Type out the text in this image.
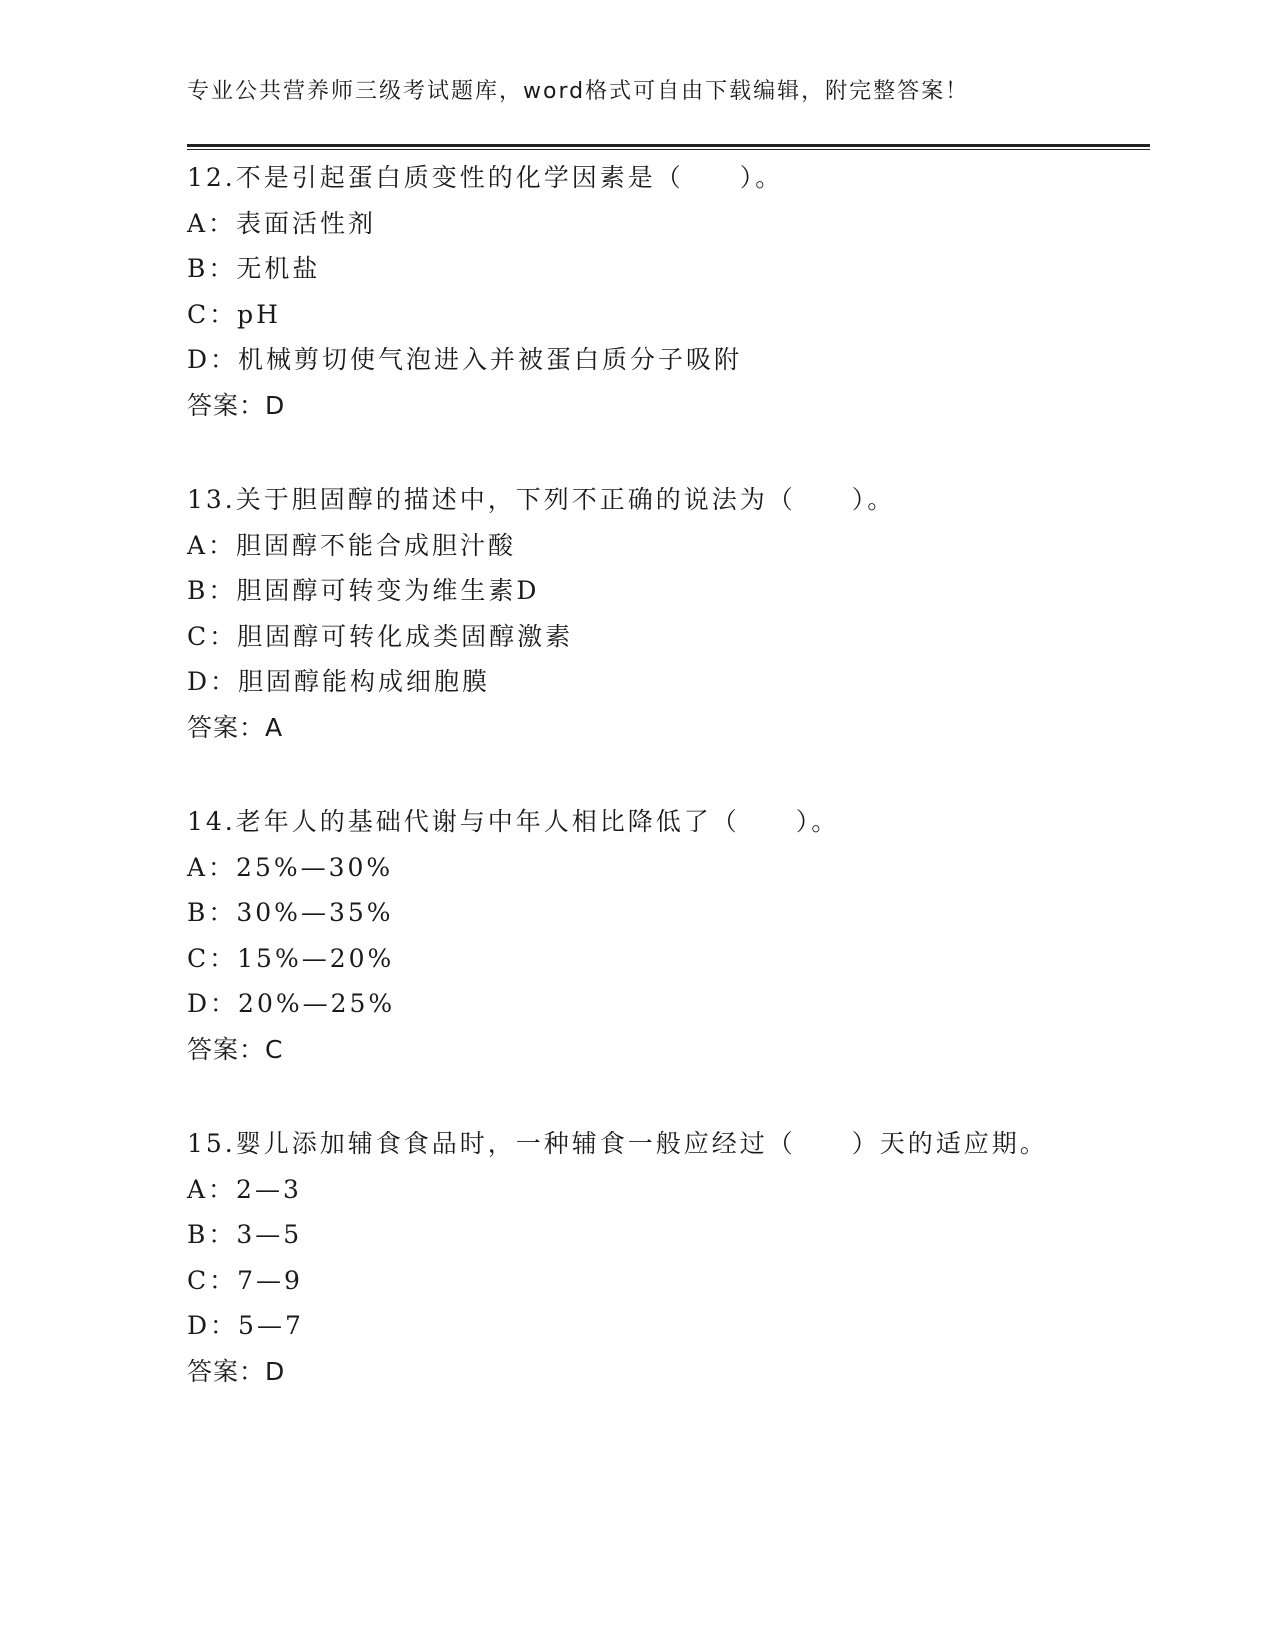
专业公共营养师三级考试题库，word格式可自由下载编辑，附完整答案！
12.不是引起蛋白质变性的化学因素是（　　）。
A：表面活性剂
B：无机盐
C：pH
D：机械剪切使气泡进入并被蛋白质分子吸附
答案：D
13.关于胆固醇的描述中，下列不正确的说法为（　　）。
A：胆固醇不能合成胆汁酸
B：胆固醇可转变为维生素D
C：胆固醇可转化成类固醇激素
D：胆固醇能构成细胞膜
答案：A
14.老年人的基础代谢与中年人相比降低了（　　）。
A：25%—30%
B：30%—35%
C：15%—20%
D：20%—25%
答案：C
15.婴儿添加辅食食品时，一种辅食一般应经过（　　）天的适应期。
A：2—3
B：3—5
C：7—9
D：5—7
答案：D
